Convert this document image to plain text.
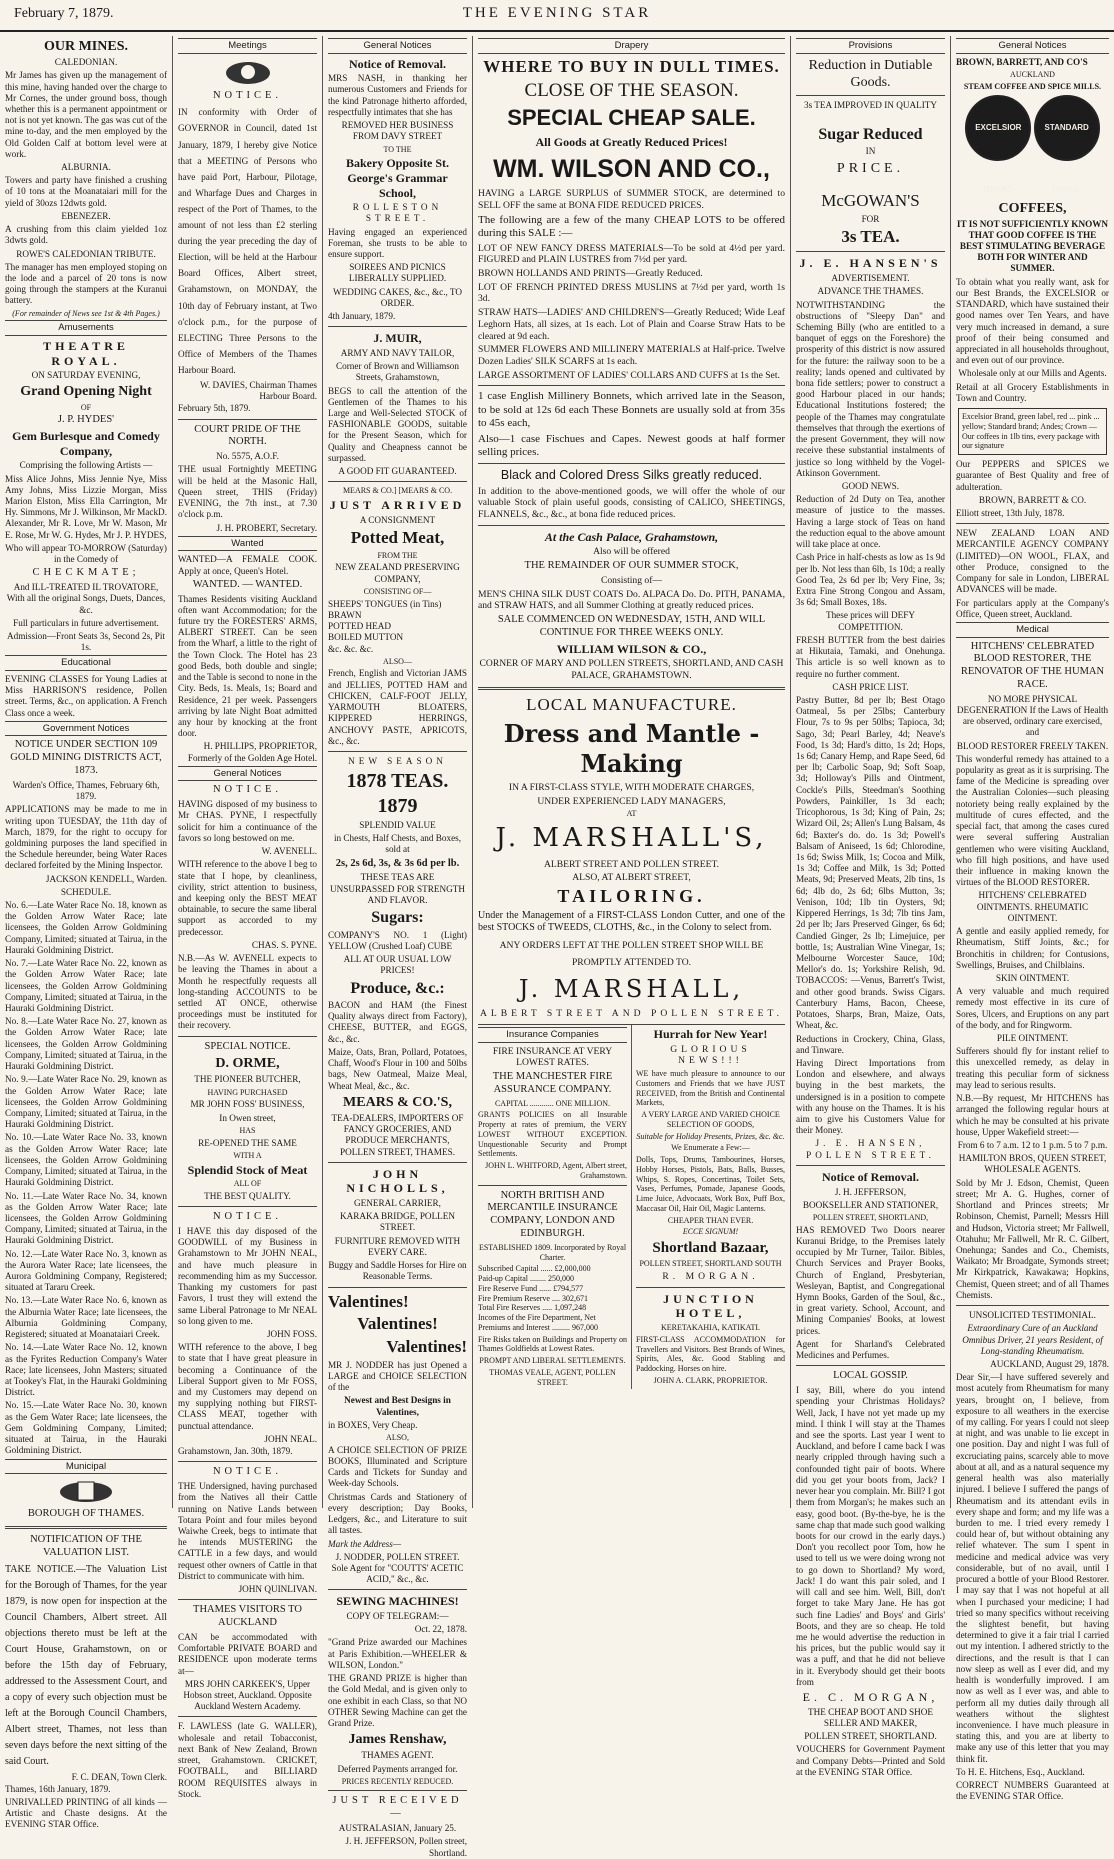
February 7, 1879.	THE EVENING STAR
OUR MINES.
CALEDONIAN.
Mr James has given up the management of this mine, having handed over the charge to Mr Cornes, the under ground boss, though whether this is a permanent appointment or not is not yet known. The gas was cut of the mine to-day, and the men employed by the Old Golden Calf at bottom level were at work.
ALBURNIA.
Towers and party have finished a crushing of 10 tons at the Moanataiari mill for the yield of 30ozs 12dwts gold.
EBENEZER.
A crushing from this claim yielded 1oz 3dwts gold.
ROWE'S CALEDONIAN TRIBUTE.
The manager has men employed stoping on the lode and a parcel of 20 tons is now going through the stampers at the Kuranui battery.
(For remainder of News see 1st & 4th Pages.)
Amusements
THEATRE ROYAL.
ON SATURDAY EVENING,
Grand Opening Night
OF
J. P. HYDES'
Gem Burlesque and Comedy Company,
Comprising the following Artists —
Miss Alice Johns, Miss Jennie Nye, Miss Amy Johns, Miss Lizzie Morgan, Miss Marion Elston, Miss Ella Carrington, Mr Hy. Simmons, Mr J. Wilkinson, Mr MackD. Alexander, Mr R. Love, Mr W. Mason, Mr E. Rose, Mr W. G. Hydes, Mr J. P. HYDES,
Who will appear TO-MORROW (Saturday) in the Comedy of
CHECKMATE;
And ILL-TREATED IL TROVATORE, With all the original Songs, Duets, Dances, &c.
Full particulars in future advertisement.
Admission—Front Seats 3s, Second 2s, Pit 1s.
Educational
EVENING CLASSES for Young Ladies at Miss HARRISON'S residence, Pollen street. Terms, &c., on application. A French Class once a week.
Government Notices
NOTICE UNDER SECTION 109 GOLD MINING DISTRICTS ACT, 1873.
Warden's Office, Thames, February 6th, 1879.
APPLICATIONS may be made to me in writing upon TUESDAY, the 11th day of March, 1879, for the right to occupy for goldmining purposes the land specified in the Schedule hereunder, being Water Races declared forfeited by the Mining Inspector.
JACKSON KENDELL, Warden.
SCHEDULE.
No. 6.—Late Water Race No. 18, known as the Golden Arrow Water Race; late licensees, the Golden Arrow Goldmining Company, Limited; situated at Tairua, in the Hauraki Goldmining District.
No. 7.—Late Water Race No. 22, known as the Golden Arrow Water Race; late licensees, the Golden Arrow Goldmining Company, Limited; situated at Tairua, in the Hauraki Goldmining District.
No. 8.—Late Water Race No. 27, known as the Golden Arrow Water Race; late licensees, the Golden Arrow Goldmining Company, Limited; situated at Tairua, in the Hauraki Goldmining District.
No. 9.—Late Water Race No. 29, known as the Golden Arrow Water Race; late licensees, the Golden Arrow Goldmining Company, Limited; situated at Tairua, in the Hauraki Goldmining District.
No. 10.—Late Water Race No. 33, known as the Golden Arrow Water Race; late licensees, the Golden Arrow Goldmining Company, Limited; situated at Tairua, in the Hauraki Goldmining District.
No. 11.—Late Water Race No. 34, known as the Golden Arrow Water Race; late licensees, the Golden Arrow Goldmining Company, Limited; situated at Tairua, in the Hauraki Goldmining District.
No. 12.—Late Water Race No. 3, known as the Aurora Water Race; late licensees, the Aurora Goldmining Company, Registered; situated at Tararu Creek.
No. 13.—Late Water Race No. 6, known as the Alburnia Water Race; late licensees, the Alburnia Goldmining Company, Registered; situated at Moanataiari Creek.
No. 14.—Late Water Race No. 12, known as the Fyrites Reduction Company's Water Race; late licensees, John Masters; situated at Tookey's Flat, in the Hauraki Goldmining District.
No. 15.—Late Water Race No. 30, known as the Gem Water Race; late licensees, the Gem Goldmining Company, Limited; situated at Tairua, in the Hauraki Goldmining District.
Municipal
BOROUGH OF THAMES.
NOTIFICATION OF THE VALUATION LIST.
TAKE NOTICE.—The Valuation List for the Borough of Thames, for the year 1879, is now open for inspection at the Council Chambers, Albert street. All objections thereto must be left at the Court House, Grahamstown, on or before the 15th day of February, addressed to the Assessment Court, and a copy of every such objection must be left at the Borough Council Chambers, Albert street, Thames, not less than seven days before the next sitting of the said Court.
F. C. DEAN, Town Clerk.
Thames, 16th January, 1879.
UNRIVALLED PRINTING of all kinds — Artistic and Chaste designs. At the EVENING STAR Office.
Meetings
NOTICE.
IN conformity with Order of GOVERNOR in Council, dated 1st January, 1879, I hereby give Notice that a MEETING of Persons who have paid Port, Harbour, Pilotage, and Wharfage Dues and Charges in respect of the Port of Thames, to the amount of not less than £2 sterling during the year preceding the day of Election, will be held at the Harbour Board Offices, Albert street, Grahamstown, on MONDAY, the 10th day of February instant, at Two o'clock p.m., for the purpose of ELECTING Three Persons to the Office of Members of the Thames Harbour Board.
W. DAVIES, Chairman Thames Harbour Board.
February 5th, 1879.
COURT PRIDE OF THE NORTH.
No. 5575, A.O.F.
THE usual Fortnightly MEETING will be held at the Masonic Hall, Queen street, THIS (Friday) EVENING, the 7th inst., at 7.30 o'clock p.m.
J. H. PROBERT, Secretary.
Wanted
WANTED—A FEMALE COOK. Apply at once, Queen's Hotel.
WANTED. — WANTED.
Thames Residents visiting Auckland often want Accommodation; for the future try the FORESTERS' ARMS, ALBERT STREET. Can be seen from the Wharf, a little to the right of the Town Clock. The Hotel has 23 good Beds, both double and single; and the Table is second to none in the City. Beds, 1s. Meals, 1s; Board and Residence, 21 per week. Passengers arriving by late Night Boat admitted any hour by knocking at the front door.
H. PHILLIPS, PROPRIETOR, Formerly of the Golden Age Hotel.
General Notices
NOTICE.
HAVING disposed of my business to Mr CHAS. PYNE, I respectfully solicit for him a continuance of the favors so long bestowed on me.
W. AVENELL.
WITH reference to the above I beg to state that I hope, by cleanliness, civility, strict attention to business, and keeping only the BEST MEAT obtainable, to secure the same liberal support as accorded to my predecessor.
CHAS. S. PYNE.
N.B.—As W. AVENELL expects to be leaving the Thames in about a Month he respectfully requests all long-standing ACCOUNTS to be settled AT ONCE, otherwise proceedings must be instituted for their recovery.
SPECIAL NOTICE.
D. ORME,
THE PIONEER BUTCHER,
HAVING PURCHASED
MR JOHN FOSS' BUSINESS,
In Owen street,
HAS
RE-OPENED THE SAME
WITH A
Splendid Stock of Meat
ALL OF
THE BEST QUALITY.
NOTICE.
I HAVE this day disposed of the GOODWILL of my Business in Grahamstown to Mr JOHN NEAL, and have much pleasure in recommending him as my Successor. Thanking my customers for past Favors, I trust they will extend the same Liberal Patronage to Mr NEAL so long given to me.
JOHN FOSS.
WITH reference to the above, I beg to state that I have great pleasure in becoming a Continuance of the Liberal Support given to Mr FOSS, and my Customers may depend on my supplying nothing but FIRST-CLASS MEAT, together with punctual attendance.
JOHN NEAL.
Grahamstown, Jan. 30th, 1879.
NOTICE.
THE Undersigned, having purchased from the Natives all their Cattle running on Native Lands between Totara Point and four miles beyond Waiwhe Creek, begs to intimate that he intends MUSTERING the CATTLE in a few days, and would request other owners of Cattle in that District to communicate with him.
JOHN QUINLIVAN.
THAMES VISITORS TO AUCKLAND
CAN be accommodated with Comfortable PRIVATE BOARD and RESIDENCE upon moderate terms at—
MRS JOHN CARKEEK'S, Upper Hobson street, Auckland. Opposite Auckland Western Academy.
F. LAWLESS (late G. WALLER), wholesale and retail Tobacconist, next Bank of New Zealand, Brown street, Grahamstown. CRICKET, FOOTBALL, and BILLIARD ROOM REQUISITES always in Stock.
General Notices
Notice of Removal.
MRS NASH, in thanking her numerous Customers and Friends for the kind Patronage hitherto afforded, respectfully intimates that she has
REMOVED HER BUSINESS FROM DAVY STREET
TO THE
Bakery Opposite St. George's Grammar School,
ROLLESTON STREET.
Having engaged an experienced Foreman, she trusts to be able to ensure support.
SOIREES AND PICNICS LIBERALLY SUPPLIED.
WEDDING CAKES, &c., &c., TO ORDER.
4th January, 1879.
J. MUIR,
ARMY AND NAVY TAILOR,
Corner of Brown and Williamson Streets, Grahamstown,
BEGS to call the attention of the Gentlemen of the Thames to his Large and Well-Selected STOCK of FASHIONABLE GOODS, suitable for the Present Season, which for Quality and Cheapness cannot be surpassed.
A GOOD FIT GUARANTEED.
MEARS & CO.] [MEARS & CO.
JUST ARRIVED
A CONSIGNMENT
Potted Meat,
FROM THE
NEW ZEALAND PRESERVING COMPANY,
CONSISTING OF—
SHEEPS' TONGUES (in Tins)
BRAWN
POTTED HEAD
BOILED MUTTON
&c. &c. &c.
ALSO—
French, English and Victorian JAMS and JELLIES, POTTED HAM and CHICKEN, CALF-FOOT JELLY, YARMOUTH BLOATERS, KIPPERED HERRINGS, ANCHOVY PASTE, APRICOTS, &c., &c.
NEW SEASON
1878 TEAS. 1879
SPLENDID VALUE
in Chests, Half Chests, and Boxes, sold at
2s, 2s 6d, 3s, & 3s 6d per lb.
THESE TEAS ARE UNSURPASSED FOR STRENGTH AND FLAVOR.
Sugars:
COMPANY'S NO. 1 (Light) YELLOW (Crushed Loaf) CUBE
ALL AT OUR USUAL LOW PRICES!
Produce, &c.:
BACON and HAM (the Finest Quality always direct from Factory), CHEESE, BUTTER, and EGGS, &c., &c.
Maize, Oats, Bran, Pollard, Potatoes, Chaff, Wood's Flour in 100 and 50lbs bags, New Oatmeal, Maize Meal, Wheat Meal, &c., &c.
MEARS & CO.'S,
TEA-DEALERS, IMPORTERS OF FANCY GROCERIES, AND PRODUCE MERCHANTS, POLLEN STREET, THAMES.
JOHN NICHOLLS,
GENERAL CARRIER,
KARAKA BRIDGE, POLLEN STREET.
FURNITURE REMOVED WITH EVERY CARE.
Buggy and Saddle Horses for Hire on Reasonable Terms.
Valentines!
Valentines!
Valentines!
MR J. NODDER has just Opened a LARGE and CHOICE SELECTION of the
Newest and Best Designs in Valentines,
in BOXES, Very Cheap.
ALSO,
A CHOICE SELECTION OF PRIZE BOOKS, Illuminated and Scripture Cards and Tickets for Sunday and Week-day Schools.
Christmas Cards and Stationery of every description; Day Books, Ledgers, &c., and Literature to suit all tastes.
Mark the Address—
J. NODDER, POLLEN STREET. Sole Agent for "COUTTS' ACETIC ACID," &c., &c.
SEWING MACHINES!
COPY OF TELEGRAM:—
Oct. 22, 1878.
"Grand Prize awarded our Machines at Paris Exhibition.—WHEELER & WILSON, London."
THE GRAND PRIZE is higher than the Gold Medal, and is given only to one exhibit in each Class, so that NO OTHER Sewing Machine can get the Grand Prize.
James Renshaw,
THAMES AGENT.
Deferred Payments arranged for.
PRICES RECENTLY REDUCED.
JUST RECEIVED—
AUSTRALASIAN, January 25.
J. H. JEFFERSON, Pollen street, Shortland.
Drapery
WHERE TO BUY IN DULL TIMES.
CLOSE OF THE SEASON.
SPECIAL CHEAP SALE.
All Goods at Greatly Reduced Prices!
WM. WILSON AND CO.,
HAVING a LARGE SURPLUS of SUMMER STOCK, are determined to SELL OFF the same at BONA FIDE REDUCED PRICES.
The following are a few of the many CHEAP LOTS to be offered during this SALE :—
LOT OF NEW FANCY DRESS MATERIALS—To be sold at 4½d per yard. FIGURED and PLAIN LUSTRES from 7½d per yard.
BROWN HOLLANDS AND PRINTS—Greatly Reduced.
LOT OF FRENCH PRINTED DRESS MUSLINS at 7½d per yard, worth 1s 3d.
STRAW HATS—LADIES' AND CHILDREN'S—Greatly Reduced; Wide Leaf Leghorn Hats, all sizes, at 1s each. Lot of Plain and Coarse Straw Hats to be cleared at 9d each.
SUMMER FLOWERS AND MILLINERY MATERIALS at Half-price. Twelve Dozen Ladies' SILK SCARFS at 1s each.
LARGE ASSORTMENT OF LADIES' COLLARS AND CUFFS at 1s the Set.
1 case English Millinery Bonnets, which arrived late in the Season, to be sold at 12s 6d each These Bonnets are usually sold at from 35s to 45s each,
Also—1 case Fischues and Capes. Newest goods at half former selling prices.
Black and Colored Dress Silks greatly reduced.
In addition to the above-mentioned goods, we will offer the whole of our valuable Stock of plain useful goods, consisting of CALICO, SHEETINGS, FLANNELS, &c., &c., at bona fide reduced prices.
At the Cash Palace, Grahamstown,
Also will be offered
THE REMAINDER OF OUR SUMMER STOCK,
Consisting of—
MEN'S CHINA SILK DUST COATS Do. ALPACA Do. Do. PITH, PANAMA, and STRAW HATS, and all Summer Clothing at greatly reduced prices.
SALE COMMENCED ON WEDNESDAY, 15TH, AND WILL CONTINUE FOR THREE WEEKS ONLY.
WILLIAM WILSON & CO.,
CORNER OF MARY AND POLLEN STREETS, SHORTLAND, AND CASH PALACE, GRAHAMSTOWN.
LOCAL MANUFACTURE.
Dress and Mantle - Making
IN A FIRST-CLASS STYLE, WITH MODERATE CHARGES,
UNDER EXPERIENCED LADY MANAGERS,
AT
J. MARSHALL'S,
ALBERT STREET AND POLLEN STREET.
ALSO, AT ALBERT STREET,
TAILORING.
Under the Management of a FIRST-CLASS London Cutter, and one of the best STOCKS of TWEEDS, CLOTHS, &c., in the Colony to select from.
ANY ORDERS LEFT AT THE POLLEN STREET SHOP WILL BE PROMPTLY ATTENDED TO.
J. MARSHALL,
ALBERT STREET AND POLLEN STREET.
Insurance Companies
FIRE INSURANCE AT VERY LOWEST RATES.
THE MANCHESTER FIRE ASSURANCE COMPANY.
CAPITAL ............ ONE MILLION.
GRANTS POLICIES on all Insurable Property at rates of premium, the VERY LOWEST WITHOUT EXCEPTION. Unquestionable Security and Prompt Settlements.
JOHN L. WHITFORD, Agent, Albert street, Grahamstown.
NORTH BRITISH AND MERCANTILE INSURANCE COMPANY, LONDON AND EDINBURGH.
ESTABLISHED 1809. Incorporated by Royal Charter.
Subscribed Capital ...... £2,000,000
Paid-up Capital ........ 250,000
Fire Reserve Fund ...... £794,577
Fire Premium Reserve .... 302,671
Total Fire Reserves ..... 1,097,248
Incomes of the Fire Department, Net Premiums and Interest ......... 967,000
Fire Risks taken on Buildings and Property on Thames Goldfields at Lowest Rates.
PROMPT AND LIBERAL SETTLEMENTS.
THOMAS VEALE, AGENT, POLLEN STREET.
Hurrah for New Year!
GLORIOUS NEWS!!!
WE have much pleasure to announce to our Customers and Friends that we have JUST RECEIVED, from the British and Continental Markets,
A VERY LARGE AND VARIED CHOICE SELECTION OF GOODS,
Suitable for Holiday Presents, Prizes, &c. &c.
We Enumerate a Few:—
Dolls, Tops, Drums, Tambourines, Horses, Hobby Horses, Pistols, Bats, Balls, Busses, Whips, S. Ropes, Concertinas, Toilet Sets, Vases, Perfumes, Pomade, Japanese Goods, Lime Juice, Advocaats, Work Box, Puff Box, Maccasar Oil, Hair Oil, Magic Lanterns.
CHEAPER THAN EVER.
ECCE SIGNUM!
Shortland Bazaar,
POLLEN STREET, SHORTLAND SOUTH
R. MORGAN.
JUNCTION HOTEL,
KERETAKAHIA, KATIKATI.
FIRST-CLASS ACCOMMODATION for Travellers and Visitors. Best Brands of Wines, Spirits, Ales, &c. Good Stabling and Paddocking. Horses on hire.
JOHN A. CLARK, PROPRIETOR.
Provisions
Reduction in Dutiable Goods.
3s TEA IMPROVED IN QUALITY
Sugar Reduced
IN
PRICE.
McGOWAN'S
FOR
3s TEA.
J. E. HANSEN'S
ADVERTISEMENT.
ADVANCE THE THAMES.
NOTWITHSTANDING the obstructions of "Sleepy Dan" and Scheming Billy (who are entitled to a banquet of eggs on the Foreshore) the prosperity of this district is now assured for the future: the railway soon to be a reality; lands opened and cultivated by bona fide settlers; power to construct a good Harbour placed in our hands; Educational Institutions fostered; the people of the Thames may congratulate themselves that through the exertions of the present Government, they will now receive these substantial instalments of justice so long withheld by the Vogel-Atkinson Government.
GOOD NEWS.
Reduction of 2d Duty on Tea, another measure of justice to the masses. Having a large stock of Teas on hand the reduction equal to the above amount will take place at once.
Cash Price in half-chests as low as 1s 9d per lb. Not less than 6lb, 1s 10d; a really Good Tea, 2s 6d per lb; Very Fine, 3s; Extra Fine Strong Congou and Assam, 3s 6d; Small Boxes, 18s.
These prices will DEFY COMPETITION.
FRESH BUTTER from the best dairies at Hikutaia, Tamaki, and Onehunga. This article is so well known as to require no further comment.
CASH PRICE LIST.
Pastry Butter, 8d per lb; Best Otago Oatmeal, 5s per 25lbs; Canterbury Flour, 7s to 9s per 50lbs; Tapioca, 3d; Sago, 3d; Pearl Barley, 4d; Neave's Food, 1s 3d; Hard's ditto, 1s 2d; Hops, 1s 6d; Canary Hemp, and Rape Seed, 6d per lb; Carbolic Soap, 9d; Soft Soap, 3d; Holloway's Pills and Ointment, Cockle's Pills, Steedman's Soothing Powders, Painkiller, 1s 3d each; Tricophorous, 1s 3d; King of Pain, 2s; Wizard Oil, 2s; Allen's Lung Balsam, 4s 6d; Baxter's do. do. 1s 3d; Powell's Balsam of Aniseed, 1s 6d; Chlorodine, 1s 6d; Swiss Milk, 1s; Cocoa and Milk, 1s 3d; Coffee and Milk, 1s 3d; Potted Meats, 9d; Preserved Meats, 2lb tins, 1s 6d; 4lb do, 2s 6d; 6lbs Mutton, 3s; Venison, 10d; 1lb tin Oysters, 9d; Kippered Herrings, 1s 3d; 7lb tins Jam, 2d per lb; Jars Preserved Ginger, 6s 6d; Candied Ginger, 2s lb; Limejuice, per bottle, 1s; Australian Wine Vinegar, 1s; Melbourne Worcester Sauce, 10d; Mellor's do. 1s; Yorkshire Relish, 9d. TOBACCOS: —Venus, Barrett's Twist, and other good brands. Swiss Cigars. Canterbury Hams, Bacon, Cheese, Potatoes, Sharps, Bran, Maize, Oats, Wheat, &c.
Reductions in Crockery, China, Glass, and Tinware.
Having Direct Importations from London and elsewhere, and always buying in the best markets, the undersigned is in a position to compete with any house on the Thames. It is his aim to give his Customers Value for their Money.
J. E. HANSEN, POLLEN STREET.
Notice of Removal.
J. H. JEFFERSON,
BOOKSELLER AND STATIONER,
POLLEN STREET, SHORTLAND,
HAS REMOVED Two Doors nearer Kuranui Bridge, to the Premises lately occupied by Mr Turner, Tailor. Bibles, Church Services and Prayer Books, Church of England, Presbyterian, Wesleyan, Baptist, and Congregational Hymn Books, Garden of the Soul, &c., in great variety. School, Account, and Mining Companies' Books, at lowest prices.
Agent for Sharland's Celebrated Medicines and Perfumes.
LOCAL GOSSIP.
I say, Bill, where do you intend spending your Christmas Holidays? Well, Jack, I have not yet made up my mind. I think I will stay at the Thames and see the sports. Last year I went to Auckland, and before I came back I was nearly crippled through having such a confounded tight pair of boots. Where did you get your boots from, Jack? I never hear you complain. Mr. Bill? I got them from Morgan's; he makes such an easy, good boot. (By-the-bye, he is the same chap that made such good walking boots for our crowd in the early days.) Don't you recollect poor Tom, how he used to tell us we were doing wrong not to go down to Shortland? My word, Jack! I do want this pair soled, and I will call and see him. Well, Bill, don't forget to take Mary Jane. He has got such fine Ladies' and Boys' and Girls' Boots, and they are so cheap. He told me he would advertise the reduction in his prices, but the public would say it was a puff, and that he did not believe in it. Everybody should get their boots from
E. C. MORGAN,
THE CHEAP BOOT AND SHOE SELLER AND MAKER,
POLLEN STREET, SHORTLAND.
VOUCHERS for Government Payment and Company Debts—Printed and Sold at the EVENING STAR Office.
General Notices
BROWN, BARRETT, AND CO'S
AUCKLAND
STEAM COFFEE AND SPICE MILLS.
EXCELSIOR BRAND STANDARD BRAND
COFFEES,
IT IS NOT SUFFICIENTLY KNOWN THAT GOOD COFFEE IS THE BEST STIMULATING BEVERAGE BOTH FOR WINTER AND SUMMER.
To obtain what you really want, ask for our Best Brands, the EXCELSIOR or STANDARD, which have sustained their good names over Ten Years, and have very much increased in demand, a sure proof of their being consumed and appreciated in all households throughout, and even out of our province.
Wholesale only at our Mills and Agents.
Retail at all Grocery Establishments in Town and Country.
Excelsior Brand, green label, red ... pink ... yellow; Standard brand; Andes; Crown — Our coffees in 1lb tins, every package with our signature
Our PEPPERS and SPICES we guarantee of Best Quality and free of adulteration.
BROWN, BARRETT & CO.
Elliott street, 13th July, 1878.
NEW ZEALAND LOAN AND MERCANTILE AGENCY COMPANY (LIMITED)—ON WOOL, FLAX, and other Produce, consigned to the Company for sale in London, LIBERAL ADVANCES will be made.
For particulars apply at the Company's Office, Queen street, Auckland.
Medical
HITCHENS' CELEBRATED BLOOD RESTORER, THE RENOVATOR OF THE HUMAN RACE.
NO MORE PHYSICAL DEGENERATION If the Laws of Health are observed, ordinary care exercised, and
BLOOD RESTORER FREELY TAKEN.
This wonderful remedy has attained to a popularity as great as it is surprising. The fame of the Medicine is spreading over the Australian Colonies—such pleasing notoriety being really explained by the multitude of cures effected, and the special fact, that among the cases cured were several suffering Australian gentlemen who were visiting Auckland, who fill high positions, and have used their influence in making known the virtues of the BLOOD RESTORER.
HITCHENS' CELEBRATED OINTMENTS. RHEUMATIC OINTMENT.
A gentle and easily applied remedy, for Rheumatism, Stiff Joints, &c.; for Bronchitis in children; for Contusions, Swellings, Bruises, and Chilblains.
SKIN OINTMENT.
A very valuable and much required remedy most effective in its cure of Sores, Ulcers, and Eruptions on any part of the body, and for Ringworm.
PILE OINTMENT.
Sufferers should fly for instant relief to this unexcelled remedy, as delay in treating this peculiar form of sickness may lead to serious results.
N.B.—By request, Mr HITCHENS has arranged the following regular hours at which he may be consulted at his private house, Upper Wakefield street:—
From 6 to 7 a.m. 12 to 1 p.m. 5 to 7 p.m.
HAMILTON BROS, QUEEN STREET, WHOLESALE AGENTS.
Sold by Mr J. Edson, Chemist, Queen street; Mr A. G. Hughes, corner of Shortland and Princes streets; Mr Robinson, Chemist, Parnell; Messrs Hill and Hudson, Victoria street; Mr Fallwell, Otahuhu; Mr Fallwell, Mr R. C. Gilbert, Onehunga; Sandes and Co., Chemists, Waikato; Mr Broadgate, Symonds street; Mr Kirkpatrick, Kawakawa; Hopkins, Chemist, Queen street; and of all Thames Chemists.
UNSOLICITED TESTIMONIAL.
Extraordinary Cure of an Auckland Omnibus Driver, 21 years Resident, of Long-standing Rheumatism.
AUCKLAND, August 29, 1878.
Dear Sir,—I have suffered severely and most acutely from Rheumatism for many years, brought on, I believe, from exposure to all weathers in the exercise of my calling. For years I could not sleep at night, and was unable to lie except in one position. Day and night I was full of excruciating pains, scarcely able to move about at all, and as a natural sequence my general health was also materially injured. I believe I suffered the pangs of Rheumatism and its attendant evils in every shape and form; and my life was a burden to me. I tried every remedy I could hear of, but without obtaining any relief whatever. The sum I spent in medicine and medical advice was very considerable, but of no avail, until I procured a bottle of your Blood Restorer. I may say that I was not hopeful at all when I purchased your medicine; I had tried so many specifics without receiving the slightest benefit, but having determined to give it a fair trial I carried out my intention. I adhered strictly to the directions, and the result is that I can now sleep as well as I ever did, and my health is wonderfully improved. I am now as well as I ever was, and able to perform all my duties daily through all weathers without the slightest inconvenience. I have much pleasure in stating this, and you are at liberty to make any use of this letter that you may think fit.
To H. E. Hitchens, Esq., Auckland.
CORRECT NUMBERS Guaranteed at the EVENING STAR Office.
